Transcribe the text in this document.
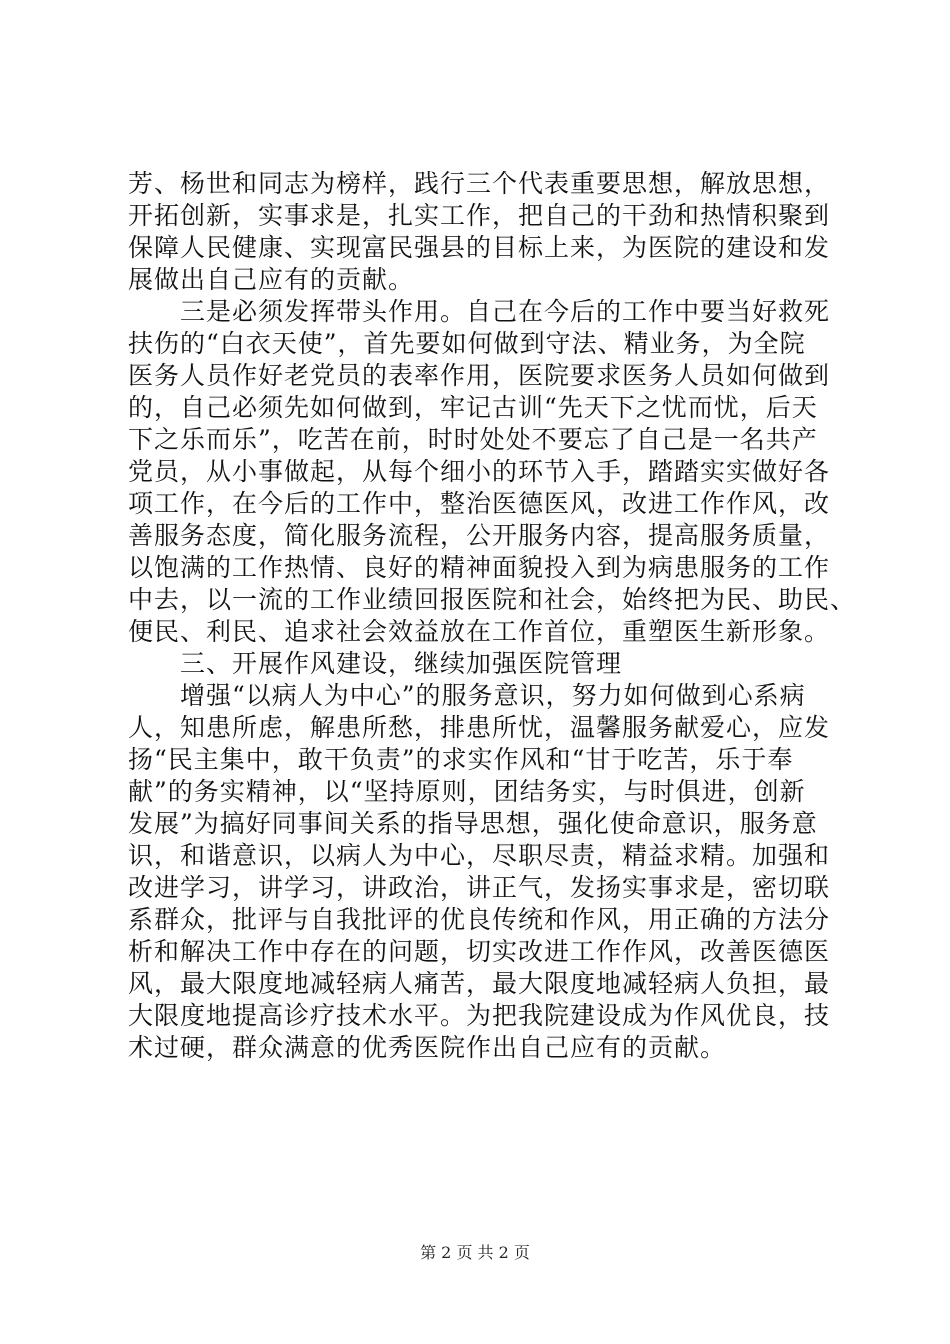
芳、杨世和同志为榜样，践行三个代表重要思想，解放思想，
开拓创新，实事求是，扎实工作，把自己的干劲和热情积聚到
保障人民健康、实现富民强县的目标上来，为医院的建设和发
展做出自己应有的贡献。
　　三是必须发挥带头作用。自己在今后的工作中要当好救死
扶伤的“白衣天使”，首先要如何做到守法、精业务，为全院
医务人员作好老党员的表率作用，医院要求医务人员如何做到
的，自己必须先如何做到，牢记古训“先天下之忧而忧，后天
下之乐而乐”，吃苦在前，时时处处不要忘了自己是一名共产
党员，从小事做起，从每个细小的环节入手，踏踏实实做好各
项工作，在今后的工作中，整治医德医风，改进工作作风，改
善服务态度，简化服务流程，公开服务内容，提高服务质量，
以饱满的工作热情、良好的精神面貌投入到为病患服务的工作
中去，以一流的工作业绩回报医院和社会，始终把为民、助民、
便民、利民、追求社会效益放在工作首位，重塑医生新形象。
　　三、开展作风建设，继续加强医院管理
　　增强“以病人为中心”的服务意识，努力如何做到心系病
人，知患所虑，解患所愁，排患所忧，温馨服务献爱心，应发
扬“民主集中，敢干负责”的求实作风和“甘于吃苦，乐于奉
献”的务实精神，以“坚持原则，团结务实，与时俱进，创新
发展”为搞好同事间关系的指导思想，强化使命意识，服务意
识，和谐意识，以病人为中心，尽职尽责，精益求精。加强和
改进学习，讲学习，讲政治，讲正气，发扬实事求是，密切联
系群众，批评与自我批评的优良传统和作风，用正确的方法分
析和解决工作中存在的问题，切实改进工作作风，改善医德医
风，最大限度地减轻病人痛苦，最大限度地减轻病人负担，最
大限度地提高诊疗技术水平。为把我院建设成为作风优良，技
术过硬，群众满意的优秀医院作出自己应有的贡献。
第 2 页 共 2 页
